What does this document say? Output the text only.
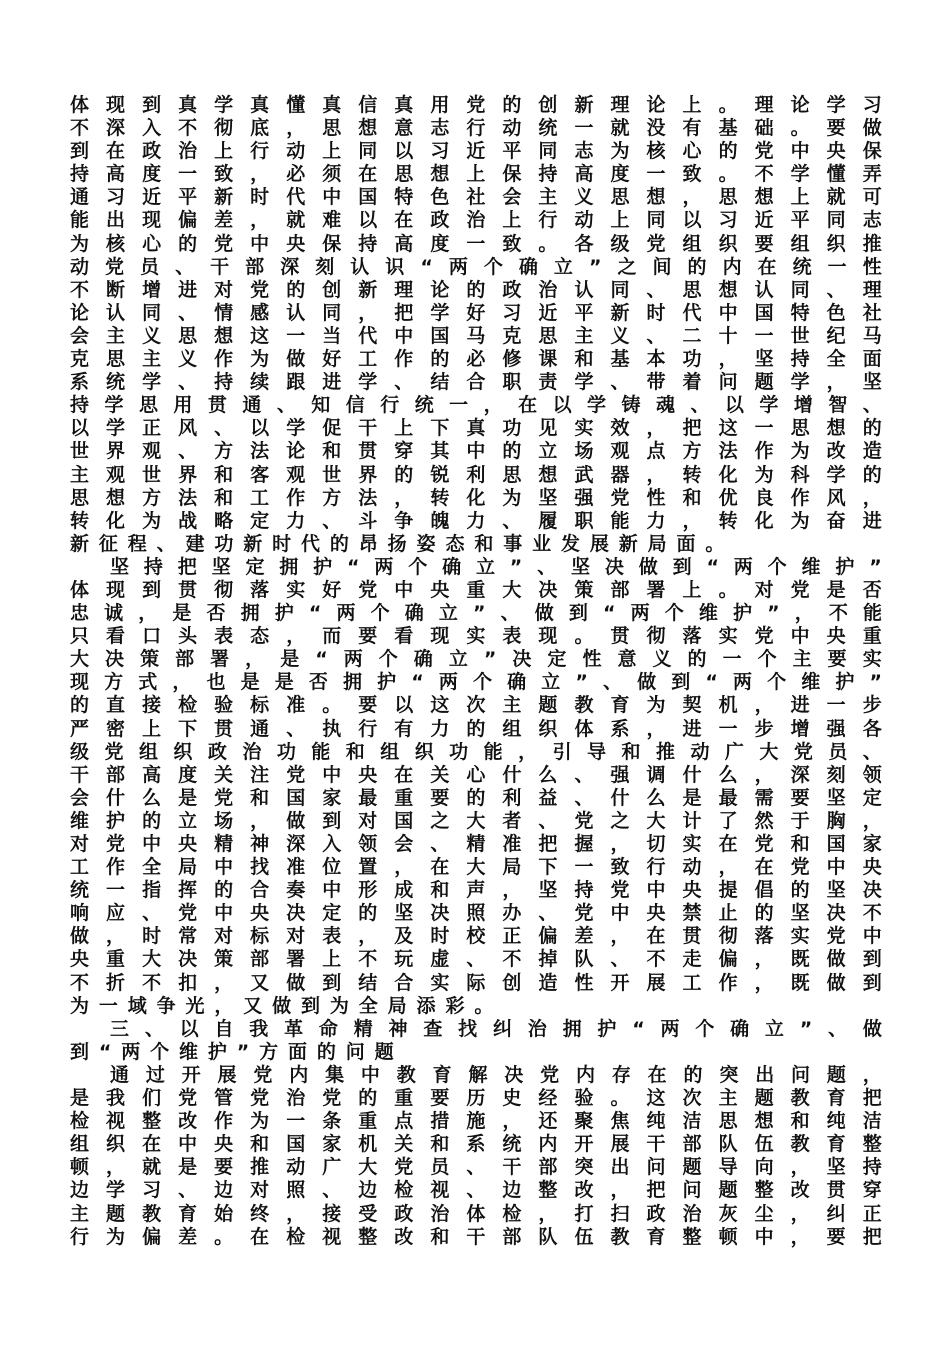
体 现 到 真 学 真 懂 真 信 真 用 党 的 创 新 理 论 上 。 理 论 学 习
不 深 入 不 彻 底 ， 思 想 意 志 行 动 统 一 就 没 有 基 础 。 要 做
到 在 政 治 上 行 动 上 同 以 习 近 平 同 志 为 核 心 的 党 中 央 保
持 高 度 一 致 ， 必 须 在 思 想 上 保 持 高 度 一 致 。 不 学 懂 弄
通 习 近 平 新 时 代 中 国 特 色 社 会 主 义 思 想 ， 思 想 上 就 可
能 出 现 偏 差 ， 就 难 以 在 政 治 上 行 动 上 同 以 习 近 平 同 志
为 核 心 的 党 中 央 保 持 高 度 一 致 。 各 级 党 组 织 要 组 织 推
动 党 员 、 干 部 深 刻 认 识 “ 两 个 确 立 ” 之 间 的 内 在 统 一 性
不 断 增 进 对 党 的 创 新 理 论 的 政 治 认 同 、 思 想 认 同 、 理
论 认 同 、 情 感 认 同 ， 把 学 好 习 近 平 新 时 代 中 国 特 色 社
会 主 义 思 想 这 一 当 代 中 国 马 克 思 主 义 、 二 十 一 世 纪 马
克 思 主 义 作 为 做 好 工 作 的 必 修 课 和 基 本 功 ， 坚 持 全 面
系 统 学 、 持 续 跟 进 学 、 结 合 职 责 学 、 带 着 问 题 学 ， 坚
持 学 思 用 贯 通 、 知 信 行 统 一 ， 在 以 学 铸 魂 、 以 学 增 智 、
以 学 正 风 、 以 学 促 干 上 下 真 功 见 实 效 ， 把 这 一 思 想 的
世 界 观 、 方 法 论 和 贯 穿 其 中 的 立 场 观 点 方 法 作 为 改 造
主 观 世 界 和 客 观 世 界 的 锐 利 思 想 武 器 ， 转 化 为 科 学 的
思 想 方 法 和 工 作 方 法 ， 转 化 为 坚 强 党 性 和 优 良 作 风 ，
转 化 为 战 略 定 力 、 斗 争 魄 力 、 履 职 能 力 ， 转 化 为 奋 进
新征程、建功新时代的昂扬姿态和事业发展新局面。
坚 持 把 坚 定 拥 护 “ 两 个 确 立 ” 、 坚 决 做 到 “ 两 个 维 护 ”
体 现 到 贯 彻 落 实 好 党 中 央 重 大 决 策 部 署 上 。 对 党 是 否
忠 诚 ， 是 否 拥 护 “ 两 个 确 立 ” 、 做 到 “ 两 个 维 护 ” ， 不 能
只 看 口 头 表 态 ， 而 要 看 现 实 表 现 。 贯 彻 落 实 党 中 央 重
大 决 策 部 署 ， 是 “ 两 个 确 立 ” 决 定 性 意 义 的 一 个 主 要 实
现 方 式 ， 也 是 是 否 拥 护 “ 两 个 确 立 ” 、 做 到 “ 两 个 维 护 ”
的 直 接 检 验 标 准 。 要 以 这 次 主 题 教 育 为 契 机 ， 进 一 步
严 密 上 下 贯 通 、 执 行 有 力 的 组 织 体 系 ， 进 一 步 增 强 各
级 党 组 织 政 治 功 能 和 组 织 功 能 ， 引 导 和 推 动 广 大 党 员 、
干 部 高 度 关 注 党 中 央 在 关 心 什 么 、 强 调 什 么 ， 深 刻 领
会 什 么 是 党 和 国 家 最 重 要 的 利 益 、 什 么 是 最 需 要 坚 定
维 护 的 立 场 ， 做 到 对 国 之 大 者 、 党 之 大 计 了 然 于 胸 ，
对 党 中 央 精 神 深 入 领 会 、 精 准 把 握 ， 切 实 在 党 和 国 家
工 作 全 局 中 找 准 位 置 ， 在 大 局 下 一 致 行 动 ， 在 党 中 央
统 一 指 挥 的 合 奏 中 形 成 和 声 ， 坚 持 党 中 央 提 倡 的 坚 决
响 应 、 党 中 央 决 定 的 坚 决 照 办 、 党 中 央 禁 止 的 坚 决 不
做 ， 时 常 对 标 对 表 ， 及 时 校 正 偏 差 ， 在 贯 彻 落 实 党 中
央 重 大 决 策 部 署 上 不 玩 虚 、 不 掉 队 、 不 走 偏 ， 既 做 到
不 折 不 扣 ， 又 做 到 结 合 实 际 创 造 性 开 展 工 作 ， 既 做 到
为一域争光，又做到为全局添彩。
三 、 以 自 我 革 命 精 神 查 找 纠 治 拥 护 “ 两 个 确 立 ” 、 做
到“两个维护”方面的问题
通 过 开 展 党 内 集 中 教 育 解 决 党 内 存 在 的 突 出 问 题 ，
是 我 们 党 管 党 治 党 的 重 要 历 史 经 验 。 这 次 主 题 教 育 把
检 视 整 改 作 为 一 条 重 点 措 施 ， 还 聚 焦 纯 洁 思 想 和 纯 洁
组 织 在 中 央 和 国 家 机 关 和 系 统 内 开 展 干 部 队 伍 教 育 整
顿 ， 就 是 要 推 动 广 大 党 员 、 干 部 突 出 问 题 导 向 ， 坚 持
边 学 习 、 边 对 照 、 边 检 视 、 边 整 改 ， 把 问 题 整 改 贯 穿
主 题 教 育 始 终 ， 接 受 政 治 体 检 ， 打 扫 政 治 灰 尘 ， 纠 正
行 为 偏 差 。 在 检 视 整 改 和 干 部 队 伍 教 育 整 顿 中 ， 要 把
